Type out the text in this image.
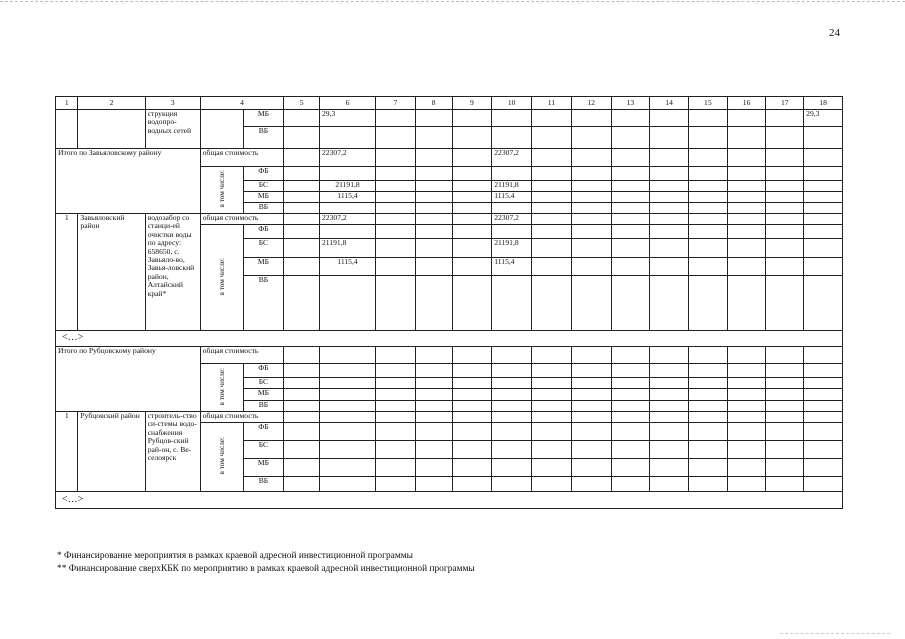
24
1	2	3	4		5	6	7	8	9	10	11	12	13	14	15	16	17	18
		струкция водопро-водных сетей		МБ		29,3												29,3
				ВБ														
Итого по Завьяловскому району			общая стоимость			22307,2				22307,2								
			в том числе:	ФБ														
				БС		21191,8				21191,8								
				МБ		1115,4				1115,4								
				ВБ														
1	Завьяловский район	водозабор со станци-ей очистки воды по адресу: 658650, с. Завьяло-во, Завья-ловский район, Алтайский край*	общая стоимость			22307,2				22307,2								
			в том числе:	ФБ														
				БС		21191,8				21191,8								
				МБ		1115,4				1115,4								
				ВБ														
<…>																		
Итого по Рубцовскому району			общая стоимость															
			в том числе:	ФБ														
				БС														
				МБ														
				ВБ														
1	Рубцовский район	строитель-ство си-стемы водо-снабжения Рубцов-ский рай-он, с. Ве-селоярск	общая стоимость															
			в том числе:	ФБ														
				БС														
				МБ														
				ВБ														
<…>																		
* Финансирование мероприятия в рамках краевой адресной инвестиционной программы
** Финансирование сверхКБК по мероприятию в рамках краевой адресной инвестиционной программы
